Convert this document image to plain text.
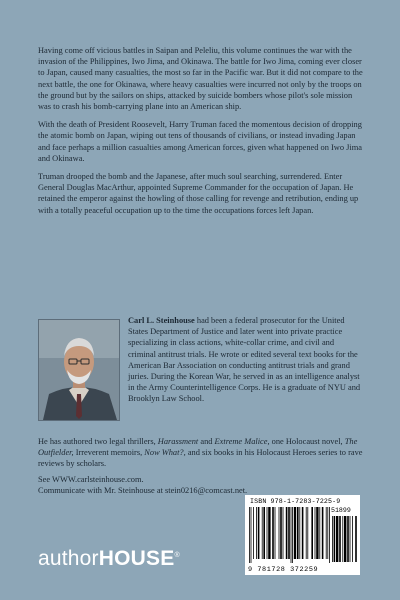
Having come off vicious battles in Saipan and Peleliu, this volume continues the war with the invasion of the Philippines, Iwo Jima, and Okinawa. The battle for Iwo Jima, coming ever closer to Japan, caused many casualties, the most so far in the Pacific war. But it did not compare to the next battle, the one for Okinawa, where heavy casualties were incurred not only by the troops on the ground but by the sailors on ships, attacked by suicide bombers whose pilot's sole mission was to crash his bomb-carrying plane into an American ship.

With the death of President Roosevelt, Harry Truman faced the momentous decision of dropping the atomic bomb on Japan, wiping out tens of thousands of civilians, or instead invading Japan and face perhaps a million casualties among American forces, given what happened on Iwo Jima and Okinawa.

Truman drooped the bomb and the Japanese, after much soul searching, surrendered. Enter General Douglas MacArthur, appointed Supreme Commander for the occupation of Japan. He retained the emperor against the howling of those calling for revenge and retribution, ending up with a totally peaceful occupation up to the time the occupations forces left Japan.

Carl L. Steinhouse had been a federal prosecutor for the United States Department of Justice and later went into private practice specializing in class actions, white-collar crime, and civil and criminal antitrust trials. He wrote or edited several text books for the American Bar Association on conducting antitrust trials and grand juries. During the Korean War, he served in as an intelligence analyst in the Army Counterintelligence Corps. He is a graduate of NYU and Brooklyn Law School.
He has authored two legal thrillers, Harassment and Extreme Malice, one Holocaust novel, The Outfielder, Irreverent memoirs, Now What?, and six books in his Holocaust Heroes series to rave reviews by scholars.
See WWW.carlsteinhouse.com.
Communicate with Mr. Steinhouse at stein0216@comcast.net.
authorHOUSE®
ISBN 978-1-7283-7225-9
51899
9 781728 372259
